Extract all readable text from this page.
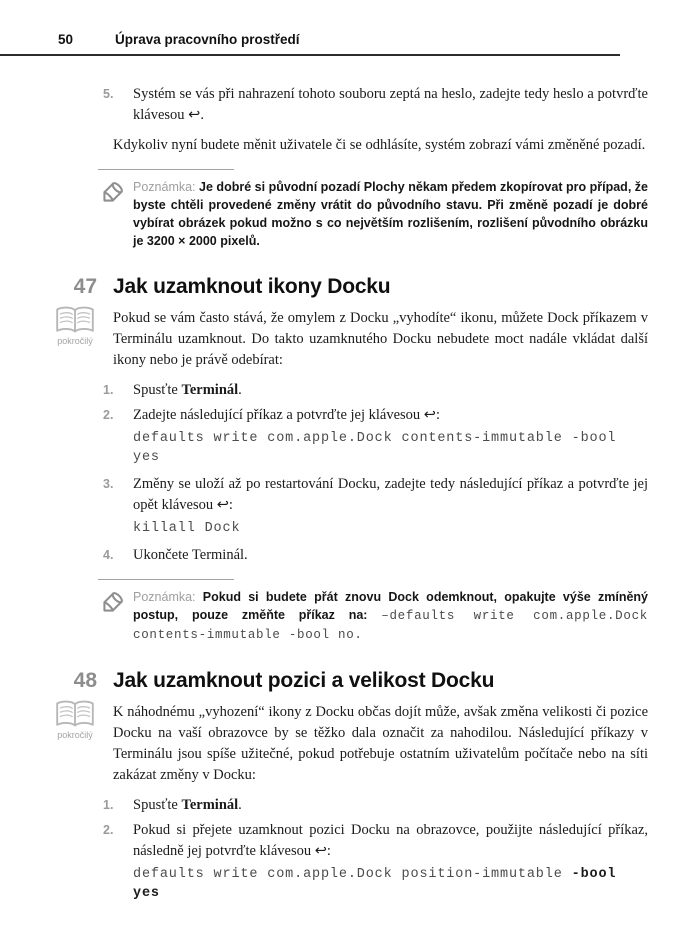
50	Úprava pracovního prostředí
5.	Systém se vás při nahrazení tohoto souboru zeptá na heslo, zadejte tedy heslo a potvrďte klávesou ↩.

Kdykoliv nyní budete měnit uživatele či se odhlásíte, systém zobrazí vámi změněné pozadí.

Poznámka: Je dobré si původní pozadí Plochy někam předem zkopírovat pro případ, že byste chtěli provedené změny vrátit do původního stavu. Při změně pozadí je dobré vybírat obrázek pokud možno s co největším rozlišením, rozlišení původního obrázku je 3200 × 2000 pixelů.
47 Jak uzamknout ikony Docku
pokročilý

Pokud se vám často stává, že omylem z Docku „vyhodíte“ ikonu, můžete Dock příkazem v Terminálu uzamknout. Do takto uzamknutého Docku nebudete moct nadále vkládat další ikony nebo je právě odebírat:

1.	Spusťte Terminál.
2.	Zadejte následující příkaz a potvrďte jej klávesou ↩:
defaults write com.apple.Dock contents-immutable -bool
yes
3.	Změny se uloží až po restartování Docku, zadejte tedy následující příkaz a potvrďte jej opět klávesou ↩:
killall Dock
4.	Ukončete Terminál.
Poznámka: Pokud si budete přát znovu Dock odemknout, opakujte výše zmíněný postup, pouze změňte příkaz na: –defaults write com.apple.Dock contents-immutable -bool no.
48 Jak uzamknout pozici a velikost Docku
pokročilý

K náhodnému „vyhození“ ikony z Docku občas dojít může, avšak změna velikosti či pozice Docku na vaší obrazovce by se těžko dala označit za nahodilou. Následující příkazy v Terminálu jsou spíše užitečné, pokud potřebuje ostatním uživatelům počítače nebo na síti zakázat změny v Docku:

1.	Spusťte Terminál.
2.	Pokud si přejete uzamknout pozici Docku na obrazovce, použijte následující příkaz, následně jej potvrďte klávesou ↩:
defaults write com.apple.Dock position-immutable -bool
yes
